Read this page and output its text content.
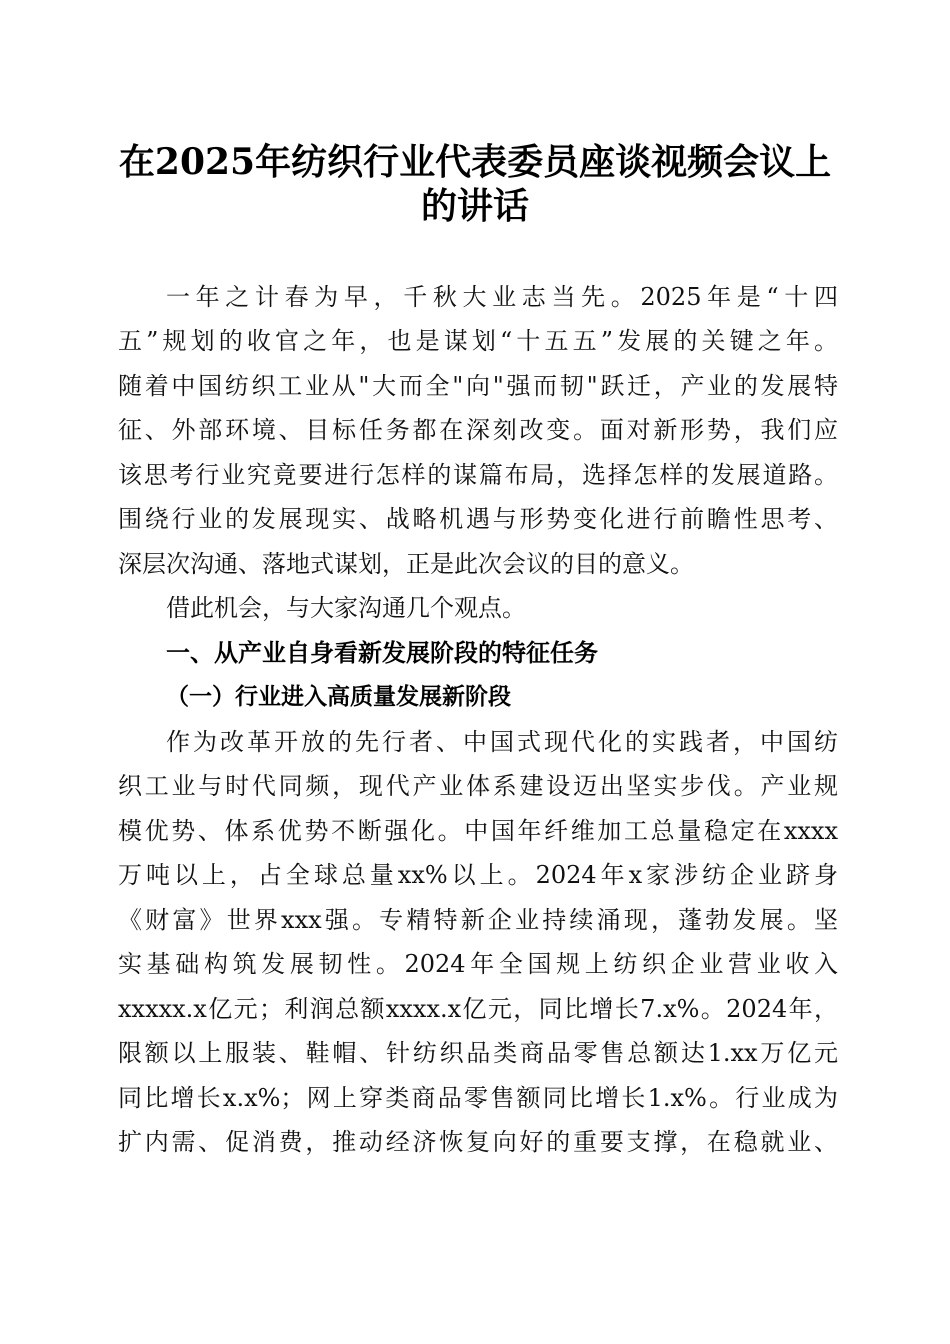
在2025年纺织行业代表委员座谈视频会议上
的讲话
一年之计春为早，千秋大业志当先。2025年是“十四
五”规划的收官之年，也是谋划“十五五”发展的关键之年。
随着中国纺织工业从"大而全"向"强而韧"跃迁，产业的发展特
征、外部环境、目标任务都在深刻改变。面对新形势，我们应
该思考行业究竟要进行怎样的谋篇布局，选择怎样的发展道路。
围绕行业的发展现实、战略机遇与形势变化进行前瞻性思考、
深层次沟通、落地式谋划，正是此次会议的目的意义。
借此机会，与大家沟通几个观点。
一、从产业自身看新发展阶段的特征任务
（一）行业进入高质量发展新阶段
作为改革开放的先行者、中国式现代化的实践者，中国纺
织工业与时代同频，现代产业体系建设迈出坚实步伐。产业规
模优势、体系优势不断强化。中国年纤维加工总量稳定在xxxx
万吨以上，占全球总量xx%以上。2024年x家涉纺企业跻身
《财富》世界xxx强。专精特新企业持续涌现，蓬勃发展。坚
实基础构筑发展韧性。2024年全国规上纺织企业营业收入
xxxxx.x亿元；利润总额xxxx.x亿元，同比增长7.x%。2024年，
限额以上服装、鞋帽、针纺织品类商品零售总额达1.xx万亿元
同比增长x.x%；网上穿类商品零售额同比增长1.x%。行业成为
扩内需、促消费，推动经济恢复向好的重要支撑，在稳就业、
